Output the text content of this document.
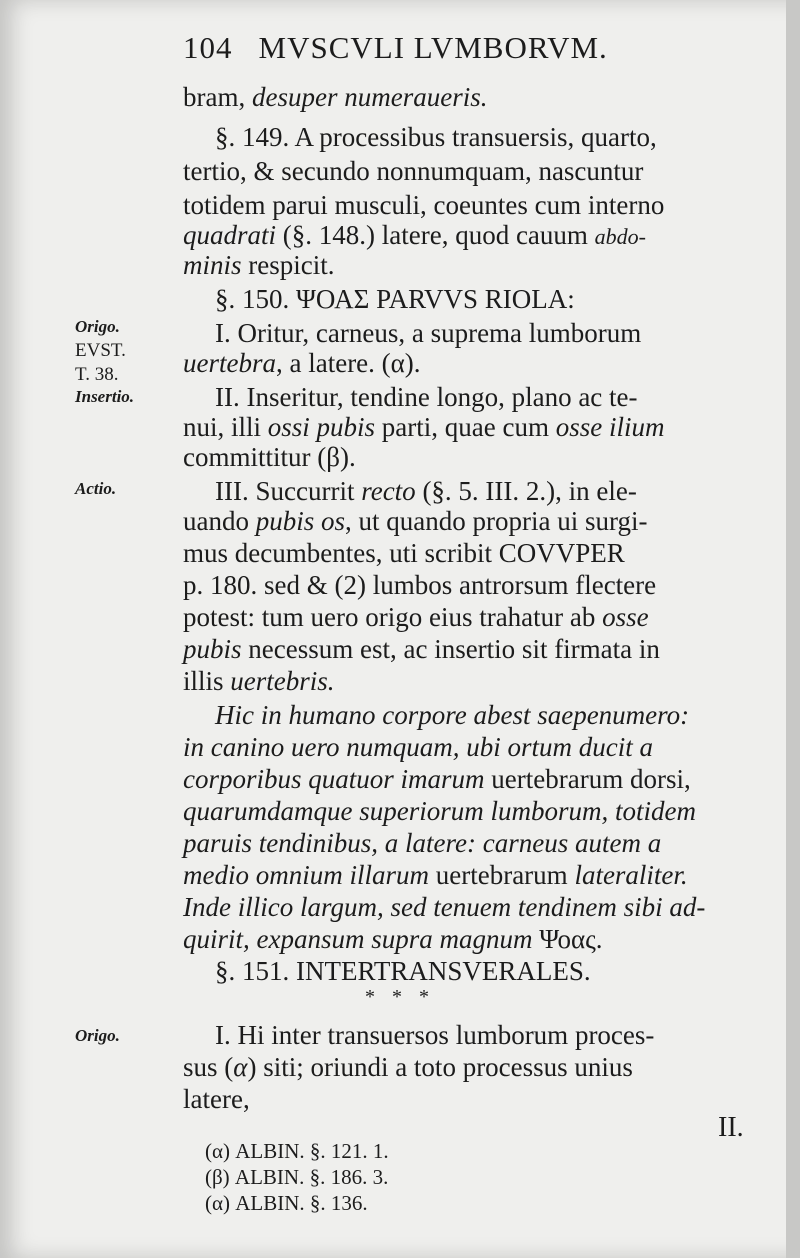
104 MVSCVLI LVMBORVM.
Origo.
EVST.
T. 38.
Insertio.
Actio.
Origo.
bram, desuper numeraueris.
§. 149. A processibus transuersis, quarto,
tertio, & secundo nonnumquam, nascuntur
totidem parui musculi, coeuntes cum interno
quadrati (§. 148.) latere, quod cauum abdo-
minis respicit.
§. 150. ΨΟΑΣ PARVVS RIOLA:
I. Oritur, carneus, a suprema lumborum
uertebra, a latere. (α).
II. Inseritur, tendine longo, plano ac te-
nui, illi ossi pubis parti, quae cum osse ilium
committitur (β).
III. Succurrit recto (§. 5. III. 2.), in ele-
uando pubis os, ut quando propria ui surgi-
mus decumbentes, uti scribit COVVPER
p. 180. sed & (2) lumbos antrorsum flectere
potest: tum uero origo eius trahatur ab osse
pubis necessum est, ac insertio sit firmata in
illis uertebris.
Hic in humano corpore abest saepenumero:
in canino uero numquam, ubi ortum ducit a
corporibus quatuor imarum uertebrarum dorsi,
quarumdamque superiorum lumborum, totidem
paruis tendinibus, a latere: carneus autem a
medio omnium illarum uertebrarum lateraliter.
Inde illico largum, sed tenuem tendinem sibi ad-
quirit, expansum supra magnum Ψοας.
§. 151. INTERTRANSVERALES.
* * *
I. Hi inter transuersos lumborum proces-
sus (α) siti; oriundi a toto processus unius
latere,
II.
(α) ALBIN. §. 121. 1.
(β) ALBIN. §. 186. 3.
(α) ALBIN. §. 136.
